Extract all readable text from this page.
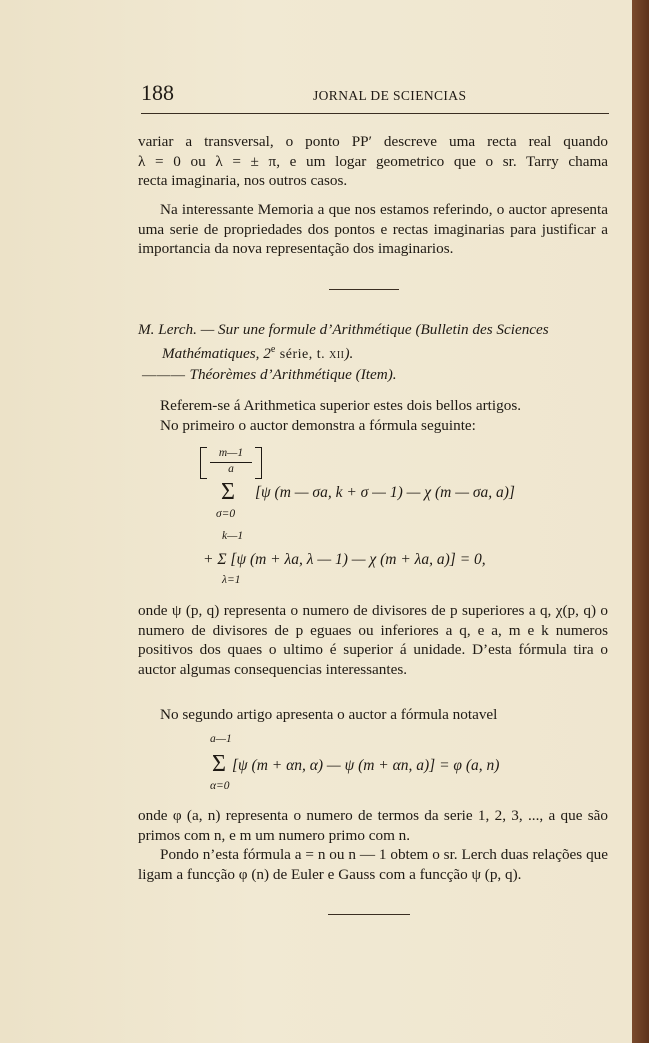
188	JORNAL DE SCIENCIAS

variar a transversal, o ponto PP′ descreve uma recta real quando

λ = 0 ou λ = ± π, e um logar geometrico que o sr. Tarry chama

recta imaginaria, nos outros casos.

Na interessante Memoria a que nos estamos referindo, o auctor apresenta uma serie de propriedades dos pontos e rectas imaginarias para justificar a importancia da nova representação dos imaginarios.

M. Lerch. — Sur une formule d’Arithmétique (Bulletin des Sciences Mathématiques, 2e série, t. xii).

——— Théorèmes d’Arithmétique (Item).

Referem-se á Arithmetica superior estes dois bellos artigos.

No primeiro o auctor demonstra a fórmula seguinte:

m—1
a
Σ [ψ (m — σa, k + σ — 1) — χ (m — σa, a)]
σ=0
k—1
+ Σ [ψ (m + λa, λ — 1) — χ (m + λa, a)] = 0,
λ=1

onde ψ (p, q) representa o numero de divisores de p superiores a q, χ(p, q) o numero de divisores de p eguaes ou inferiores a q, e a, m e k numeros positivos dos quaes o ultimo é superior á unidade. D’esta fórmula tira o auctor algumas consequencias interessantes.

No segundo artigo apresenta o auctor a fórmula notavel

a—1
Σ [ψ (m + αn, α) — ψ (m + αn, a)] = φ (a, n)
α=0

onde φ (a, n) representa o numero de termos da serie 1, 2, 3, ..., a que são primos com n, e m um numero primo com n.

Pondo n’esta fórmula a = n ou n — 1 obtem o sr. Lerch duas relações que ligam a funcção φ (n) de Euler e Gauss com a funcção ψ (p, q).
